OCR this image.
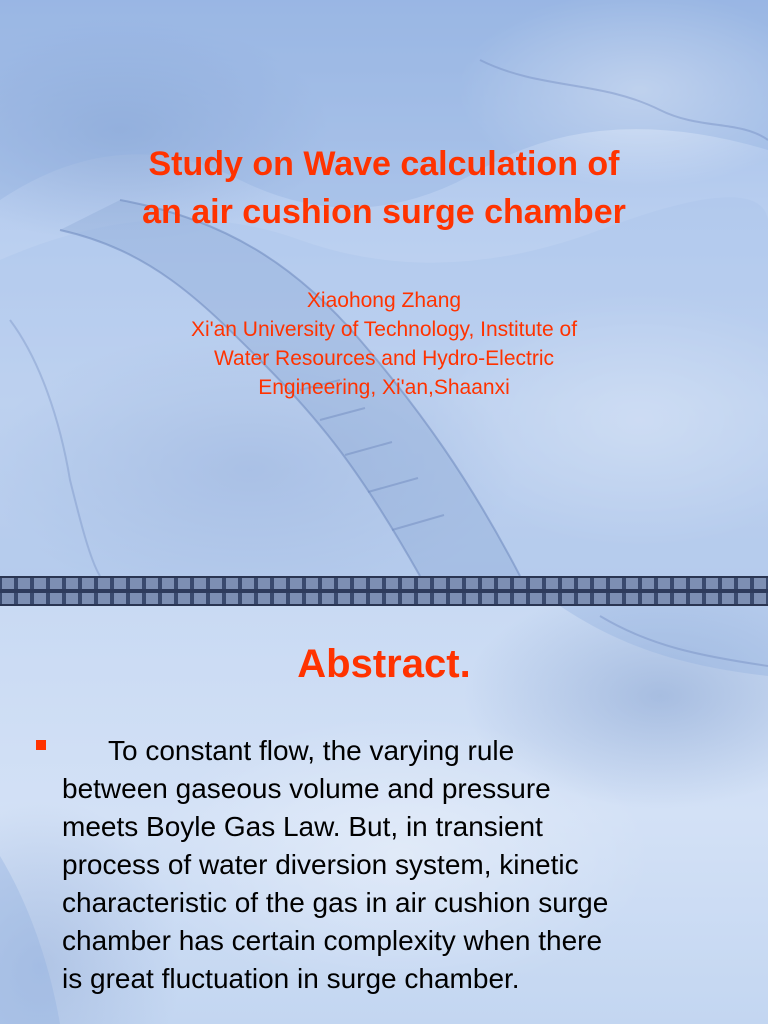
Study on Wave calculation of
an air cushion surge chamber
Xiaohong Zhang
Xi'an University of Technology, Institute of
Water Resources and Hydro-Electric
Engineering, Xi'an,Shaanxi
Abstract.
To constant flow, the varying rule
between gaseous volume and pressure
meets Boyle Gas Law. But, in transient
process of water diversion system, kinetic
characteristic of the gas in air cushion surge
chamber has certain complexity when there
is great fluctuation in surge chamber.
